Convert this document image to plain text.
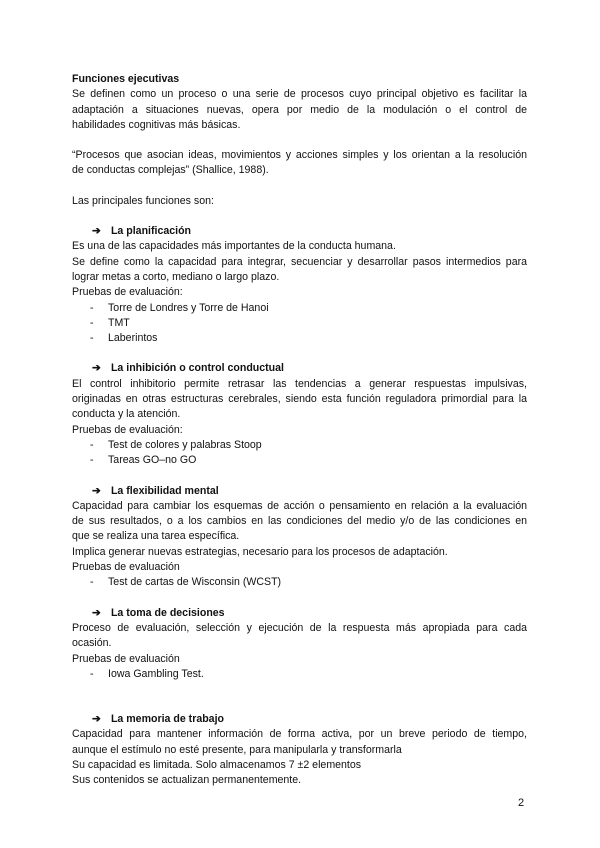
Funciones ejecutivas
Se definen como un proceso o una serie de procesos cuyo principal objetivo es facilitar la
adaptación a situaciones nuevas, opera por medio de la modulación o el control de
habilidades cognitivas más básicas.
“Procesos que asocian ideas, movimientos y acciones simples y los orientan a la resolución
de conductas complejas” (Shallice, 1988).
Las principales funciones son:
➔ La planificación
Es una de las capacidades más importantes de la conducta humana.
Se define como la capacidad para integrar, secuenciar y desarrollar pasos intermedios para
lograr metas a corto, mediano o largo plazo.
Pruebas de evaluación:
-	Torre de Londres y Torre de Hanoi
-	TMT
-	Laberintos
➔ La inhibición o control conductual
El control inhibitorio permite retrasar las tendencias a generar respuestas impulsivas,
originadas en otras estructuras cerebrales, siendo esta función reguladora primordial para la
conducta y la atención.
Pruebas de evaluación:
-	Test de colores y palabras Stoop
-	Tareas GO–no GO
➔ La flexibilidad mental
Capacidad para cambiar los esquemas de acción o pensamiento en relación a la evaluación
de sus resultados, o a los cambios en las condiciones del medio y/o de las condiciones en
que se realiza una tarea específica.
Implica generar nuevas estrategias, necesario para los procesos de adaptación.
Pruebas de evaluación
-	Test de cartas de Wisconsin (WCST)
➔ La toma de decisiones
Proceso de evaluación, selección y ejecución de la respuesta más apropiada para cada
ocasión.
Pruebas de evaluación
-	Iowa Gambling Test.
➔ La memoria de trabajo
Capacidad para mantener información de forma activa, por un breve periodo de tiempo,
aunque el estímulo no esté presente, para manipularla y transformarla
Su capacidad es limitada. Solo almacenamos 7 ±2 elementos
Sus contenidos se actualizan permanentemente.
2
